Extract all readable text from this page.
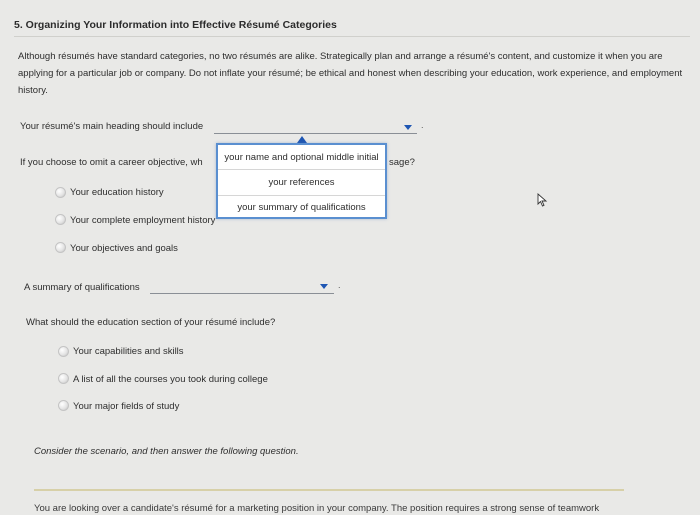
5. Organizing Your Information into Effective Résumé Categories
Although résumés have standard categories, no two résumés are alike. Strategically plan and arrange a résumé's content, and customize it when you are applying for a particular job or company. Do not inflate your résumé; be ethical and honest when describing your education, work experience, and employment history.
Your résumé's main heading should include	.
If you choose to omit a career objective, wh	sage?
Your education history
Your complete employment history
Your objectives and goals
your name and optional middle initial
your references
your summary of qualifications
A summary of qualifications	.
What should the education section of your résumé include?
Your capabilities and skills
A list of all the courses you took during college
Your major fields of study
Consider the scenario, and then answer the following question.
You are looking over a candidate's résumé for a marketing position in your company. The position requires a strong sense of teamwork
